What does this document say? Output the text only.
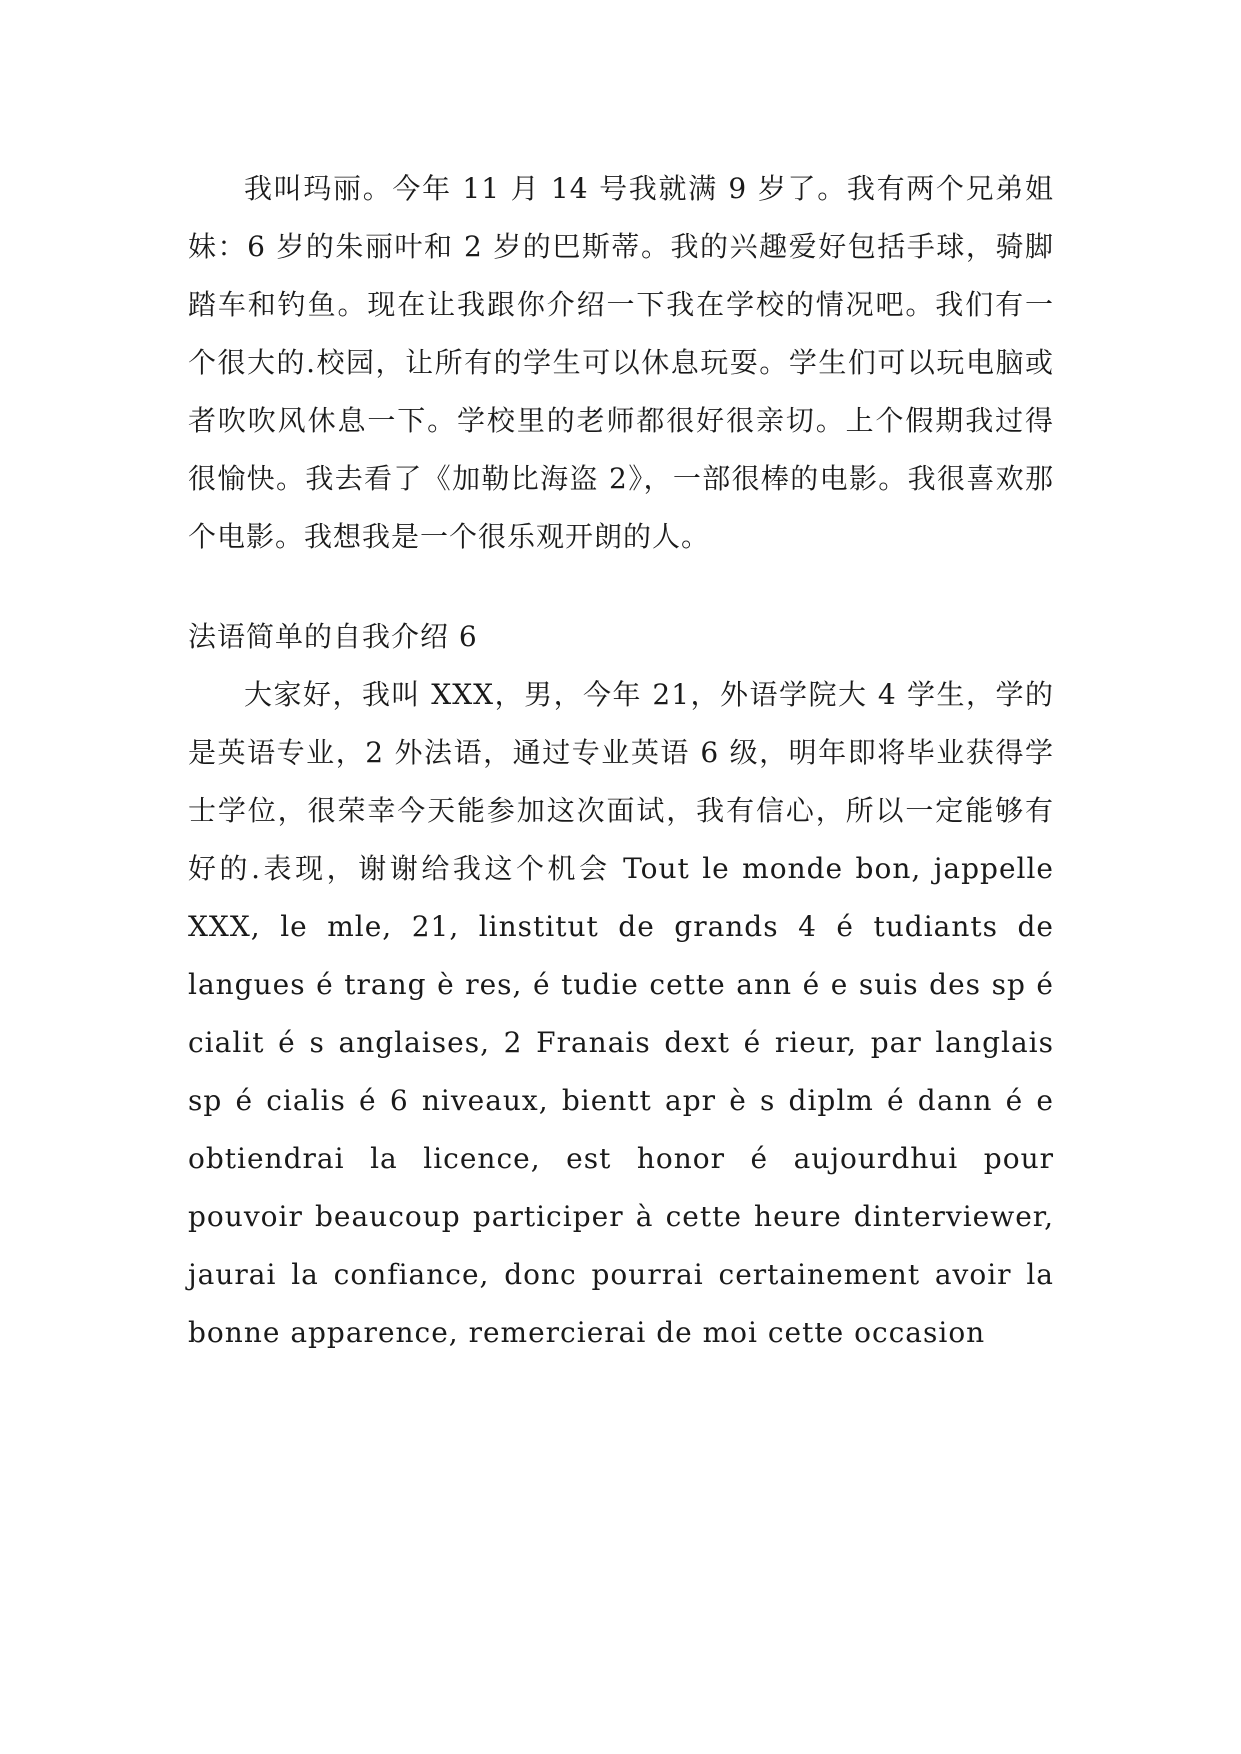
我叫玛丽。今年 11 月 14 号我就满 9 岁了。我有两个兄弟姐妹：6 岁的朱丽叶和 2 岁的巴斯蒂。我的兴趣爱好包括手球，骑脚踏车和钓鱼。现在让我跟你介绍一下我在学校的情况吧。我们有一个很大的.校园，让所有的学生可以休息玩耍。学生们可以玩电脑或者吹吹风休息一下。学校里的老师都很好很亲切。上个假期我过得很愉快。我去看了《加勒比海盗 2》，一部很棒的电影。我很喜欢那个电影。我想我是一个很乐观开朗的人。

法语简单的自我介绍 6

大家好，我叫 XXX，男，今年 21，外语学院大 4 学生，学的是英语专业，2 外法语，通过专业英语 6 级，明年即将毕业获得学士学位，很荣幸今天能参加这次面试，我有信心，所以一定能够有好的.表现，谢谢给我这个机会 Tout le monde bon, jappelle XXX, le mle, 21, linstitut de grands 4 é tudiants de langues é trang è res, é tudie cette ann é e suis des sp é cialit é s anglaises, 2 Franais dext é rieur, par langlais sp é cialis é 6 niveaux, bientt apr è s diplm é dann é e obtiendrai la licence, est honor é aujourdhui pour pouvoir beaucoup participer à cette heure dinterviewer, jaurai la confiance, donc pourrai certainement avoir la bonne apparence, remercierai de moi cette occasion
